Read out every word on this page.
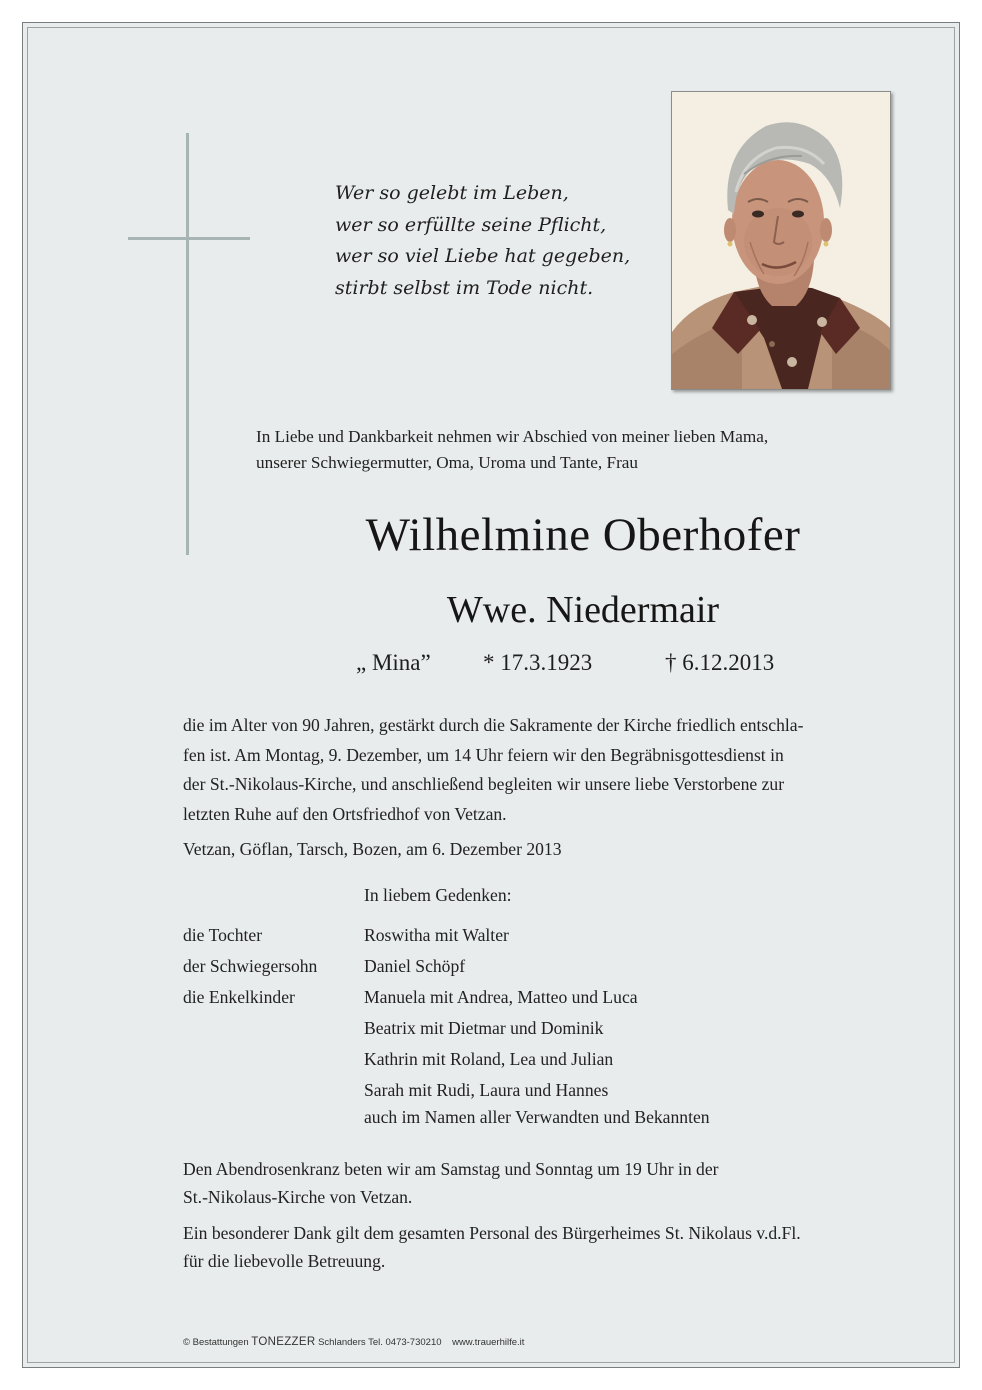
Wer so gelebt im Leben,
wer so erfüllte seine Pflicht,
wer so viel Liebe hat gegeben,
stirbt selbst im Tode nicht.
In Liebe und Dankbarkeit nehmen wir Abschied von meiner lieben Mama,
unserer Schwiegermutter, Oma, Uroma und Tante, Frau
Wilhelmine Oberhofer
Wwe. Niedermair
„ Mina” * 17.3.1923	† 6.12.2013
die im Alter von 90 Jahren, gestärkt durch die Sakramente der Kirche friedlich entschla-
fen ist. Am Montag, 9. Dezember, um 14 Uhr feiern wir den Begräbnisgottesdienst in
der St.-Nikolaus-Kirche, und anschließend begleiten wir unsere liebe Verstorbene zur
letzten Ruhe auf den Ortsfriedhof von Vetzan.
Vetzan, Göflan, Tarsch, Bozen, am 6. Dezember 2013
In liebem Gedenken:
die Tochter	Roswitha mit Walter
der Schwiegersohn	Daniel Schöpf
die Enkelkinder	Manuela mit Andrea, Matteo und Luca
Beatrix mit Dietmar und Dominik
Kathrin mit Roland, Lea und Julian
Sarah mit Rudi, Laura und Hannes
auch im Namen aller Verwandten und Bekannten
Den Abendrosenkranz beten wir am Samstag und Sonntag um 19 Uhr in der
St.-Nikolaus-Kirche von Vetzan.
Ein besonderer Dank gilt dem gesamten Personal des Bürgerheimes St. Nikolaus v.d.Fl.
für die liebevolle Betreuung.
© Bestattungen TONEZZER Schlanders Tel. 0473-730210 www.trauerhilfe.it
